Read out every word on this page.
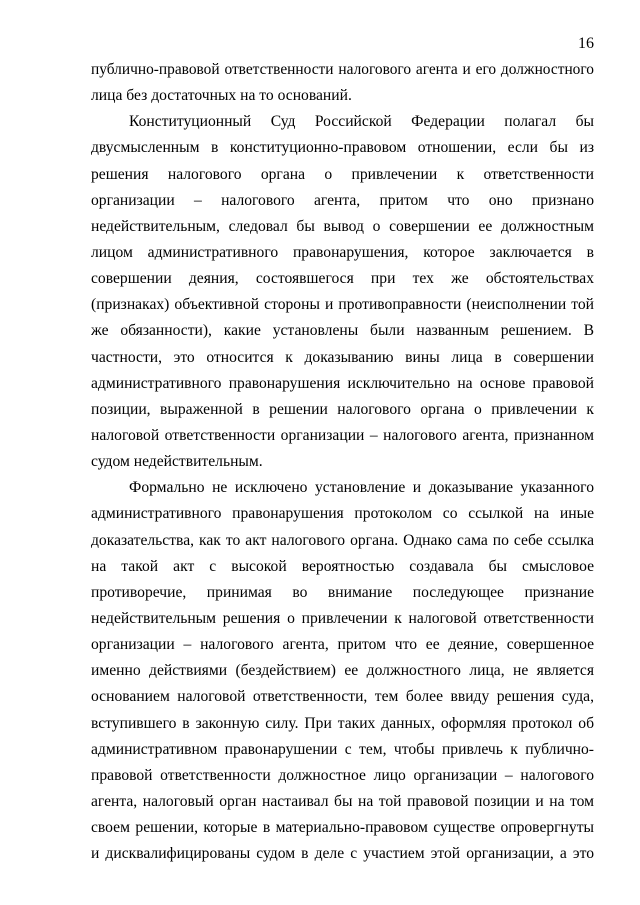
16
публично-правовой ответственности налогового агента и его должностного
лица без достаточных на то оснований.
Конституционный Суд Российской Федерации полагал бы
двусмысленным в конституционно-правовом отношении, если бы из
решения налогового органа о привлечении к ответственности
организации – налогового агента, притом что оно признано
недействительным, следовал бы вывод о совершении ее должностным
лицом административного правонарушения, которое заключается в
совершении деяния, состоявшегося при тех же обстоятельствах
(признаках) объективной стороны и противоправности (неисполнении той
же обязанности), какие установлены были названным решением. В
частности, это относится к доказыванию вины лица в совершении
административного правонарушения исключительно на основе правовой
позиции, выраженной в решении налогового органа о привлечении к
налоговой ответственности организации – налогового агента, признанном
судом недействительным.
Формально не исключено установление и доказывание указанного
административного правонарушения протоколом со ссылкой на иные
доказательства, как то акт налогового органа. Однако сама по себе ссылка
на такой акт с высокой вероятностью создавала бы смысловое
противоречие, принимая во внимание последующее признание
недействительным решения о привлечении к налоговой ответственности
организации – налогового агента, притом что ее деяние, совершенное
именно действиями (бездействием) ее должностного лица, не является
основанием налоговой ответственности, тем более ввиду решения суда,
вступившего в законную силу. При таких данных, оформляя протокол об
административном правонарушении с тем, чтобы привлечь к публично-
правовой ответственности должностное лицо организации – налогового
агента, налоговый орган настаивал бы на той правовой позиции и на том
своем решении, которые в материально-правовом существе опровергнуты
и дисквалифицированы судом в деле с участием этой организации, а это
